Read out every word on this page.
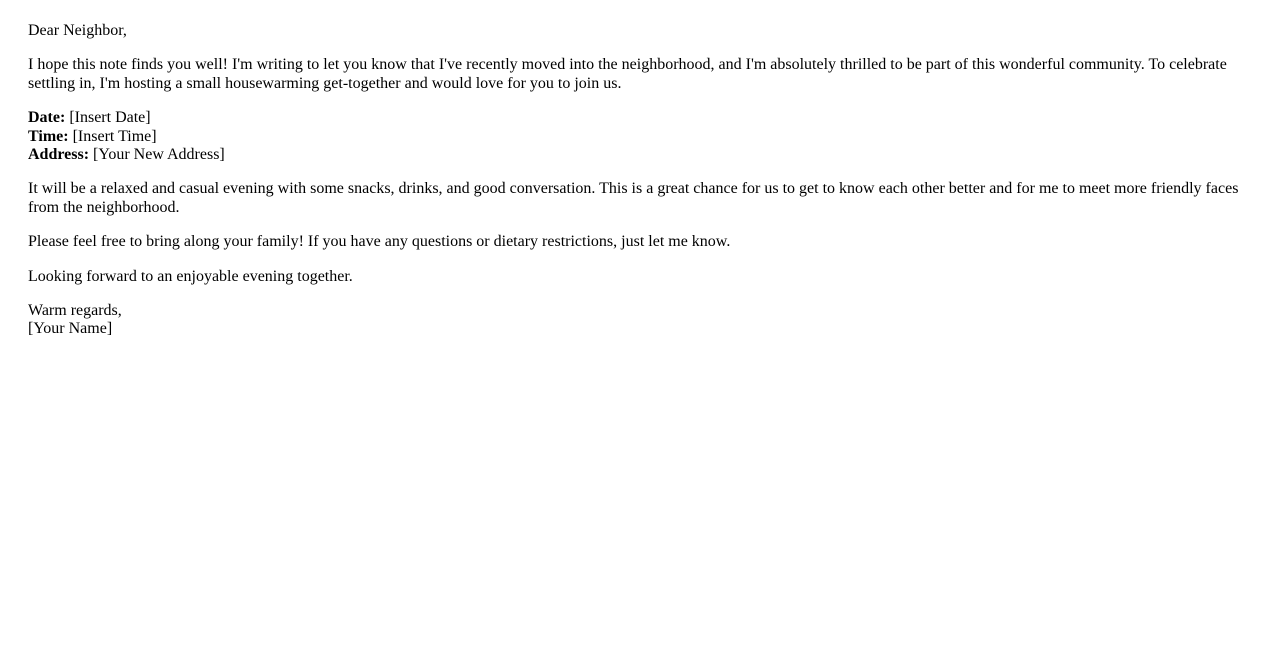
Dear Neighbor,

I hope this note finds you well! I'm writing to let you know that I've recently moved into the neighborhood, and I'm absolutely thrilled to be part of this wonderful community. To celebrate settling in, I'm hosting a small housewarming get-together and would love for you to join us.

Date: [Insert Date]
Time: [Insert Time]
Address: [Your New Address]

It will be a relaxed and casual evening with some snacks, drinks, and good conversation. This is a great chance for us to get to know each other better and for me to meet more friendly faces from the neighborhood.

Please feel free to bring along your family! If you have any questions or dietary restrictions, just let me know.

Looking forward to an enjoyable evening together.

Warm regards,
[Your Name]
